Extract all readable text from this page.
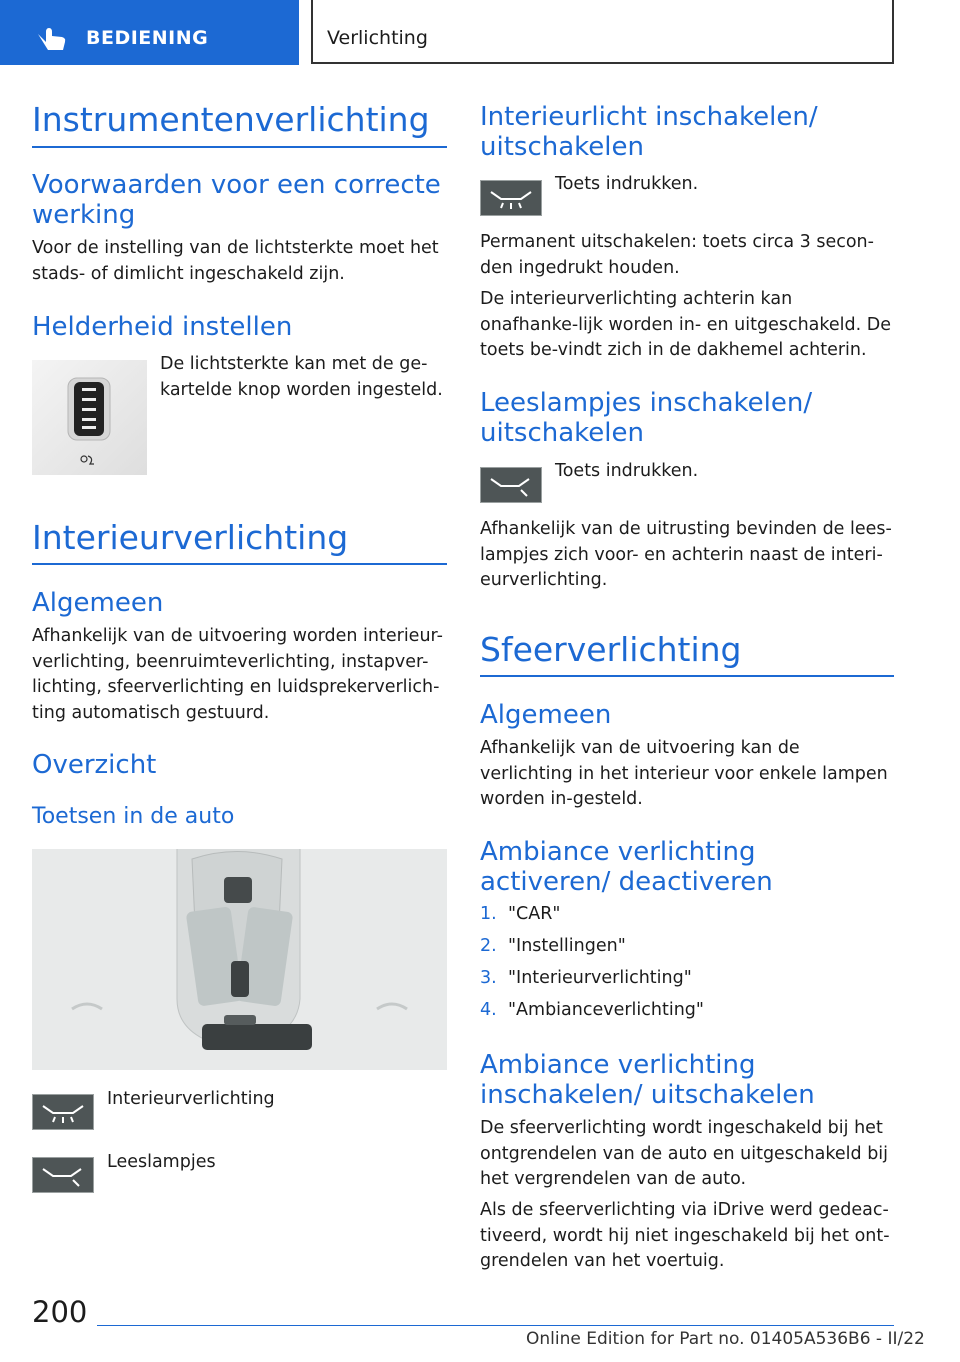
BEDIENING	Verlichting
Instrumentenverlichting
Voorwaarden voor een correcte werking
Voor de instelling van de lichtsterkte moet het stads- of dimlicht ingeschakeld zijn.
Helderheid instellen
De lichtsterkte kan met de ge-kartelde knop worden ingesteld.
Interieurverlichting
Algemeen
Afhankelijk van de uitvoering worden interieur-verlichting, beenruimteverlichting, instapver-lichting, sfeerverlichting en luidsprekerverlich-ting automatisch gestuurd.
Overzicht
Toetsen in de auto
Interieurverlichting
Leeslampjes
Interieurlicht inschakelen/ uitschakelen
Toets indrukken.
Permanent uitschakelen: toets circa 3 secon-den ingedrukt houden.
De interieurverlichting achterin kan onafhanke-lijk worden in- en uitgeschakeld. De toets be-vindt zich in de dakhemel achterin.
Leeslampjes inschakelen/ uitschakelen
Toets indrukken.
Afhankelijk van de uitrusting bevinden de lees-lampjes zich voor- en achterin naast de interi-eurverlichting.
Sfeerverlichting
Algemeen
Afhankelijk van de uitvoering kan de verlichting in het interieur voor enkele lampen worden in-gesteld.
Ambiance verlichting activeren/ deactiveren
1. "CAR"
2. "Instellingen"
3. "Interieurverlichting"
4. "Ambianceverlichting"
Ambiance verlichting inschakelen/ uitschakelen
De sfeerverlichting wordt ingeschakeld bij het ontgrendelen van de auto en uitgeschakeld bij het vergrendelen van de auto.
Als de sfeerverlichting via iDrive werd gedeac-tiveerd, wordt hij niet ingeschakeld bij het ont-grendelen van het voertuig.
200
Online Edition for Part no. 01405A536B6 - II/22
